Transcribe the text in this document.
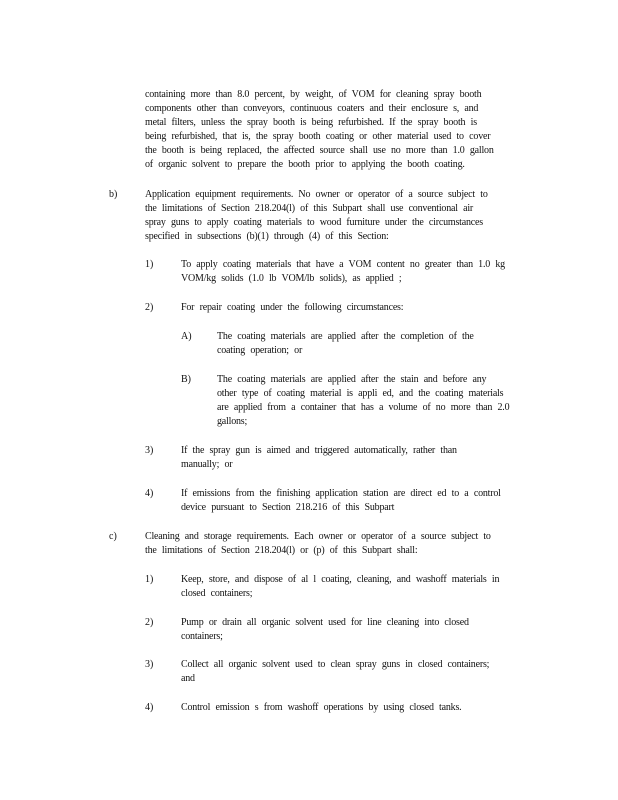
containing more than 8.0 percent, by weight, of VOM for cleaning spray booth
components other than conveyors, continuous coaters and their enclosure s, and
metal filters, unless the spray booth is being refurbished. If the spray booth is
being refurbished, that is, the spray booth coating or other material used to cover
the booth is being replaced, the affected source shall use no more than 1.0 gallon
of organic solvent to prepare the booth prior to applying the booth coating.
b)	Application equipment requirements. No owner or operator of a source subject to
the limitations of Section 218.204(l) of this Subpart shall use conventional air
spray guns to apply coating materials to wood furniture under the circumstances
specified in subsections (b)(1) through (4) of this Section:
1)	To apply coating materials that have a VOM content no greater than 1.0 kg
VOM/kg solids (1.0 lb VOM/lb solids), as applied ;
2)	For repair coating under the following circumstances:
A)	The coating materials are applied after the completion of the
coating operation; or
B)	The coating materials are applied after the stain and before any
other type of coating material is appli ed, and the coating materials
are applied from a container that has a volume of no more than 2.0
gallons;
3)	If the spray gun is aimed and triggered automatically, rather than
manually; or
4)	If emissions from the finishing application station are direct ed to a control
device pursuant to Section 218.216 of this Subpart
c)	Cleaning and storage requirements. Each owner or operator of a source subject to
the limitations of Section 218.204(l) or (p) of this Subpart shall:
1)	Keep, store, and dispose of al l coating, cleaning, and washoff materials in
closed containers;
2)	Pump or drain all organic solvent used for line cleaning into closed
containers;
3)	Collect all organic solvent used to clean spray guns in closed containers;
and
4)	Control emission s from washoff operations by using closed tanks.
